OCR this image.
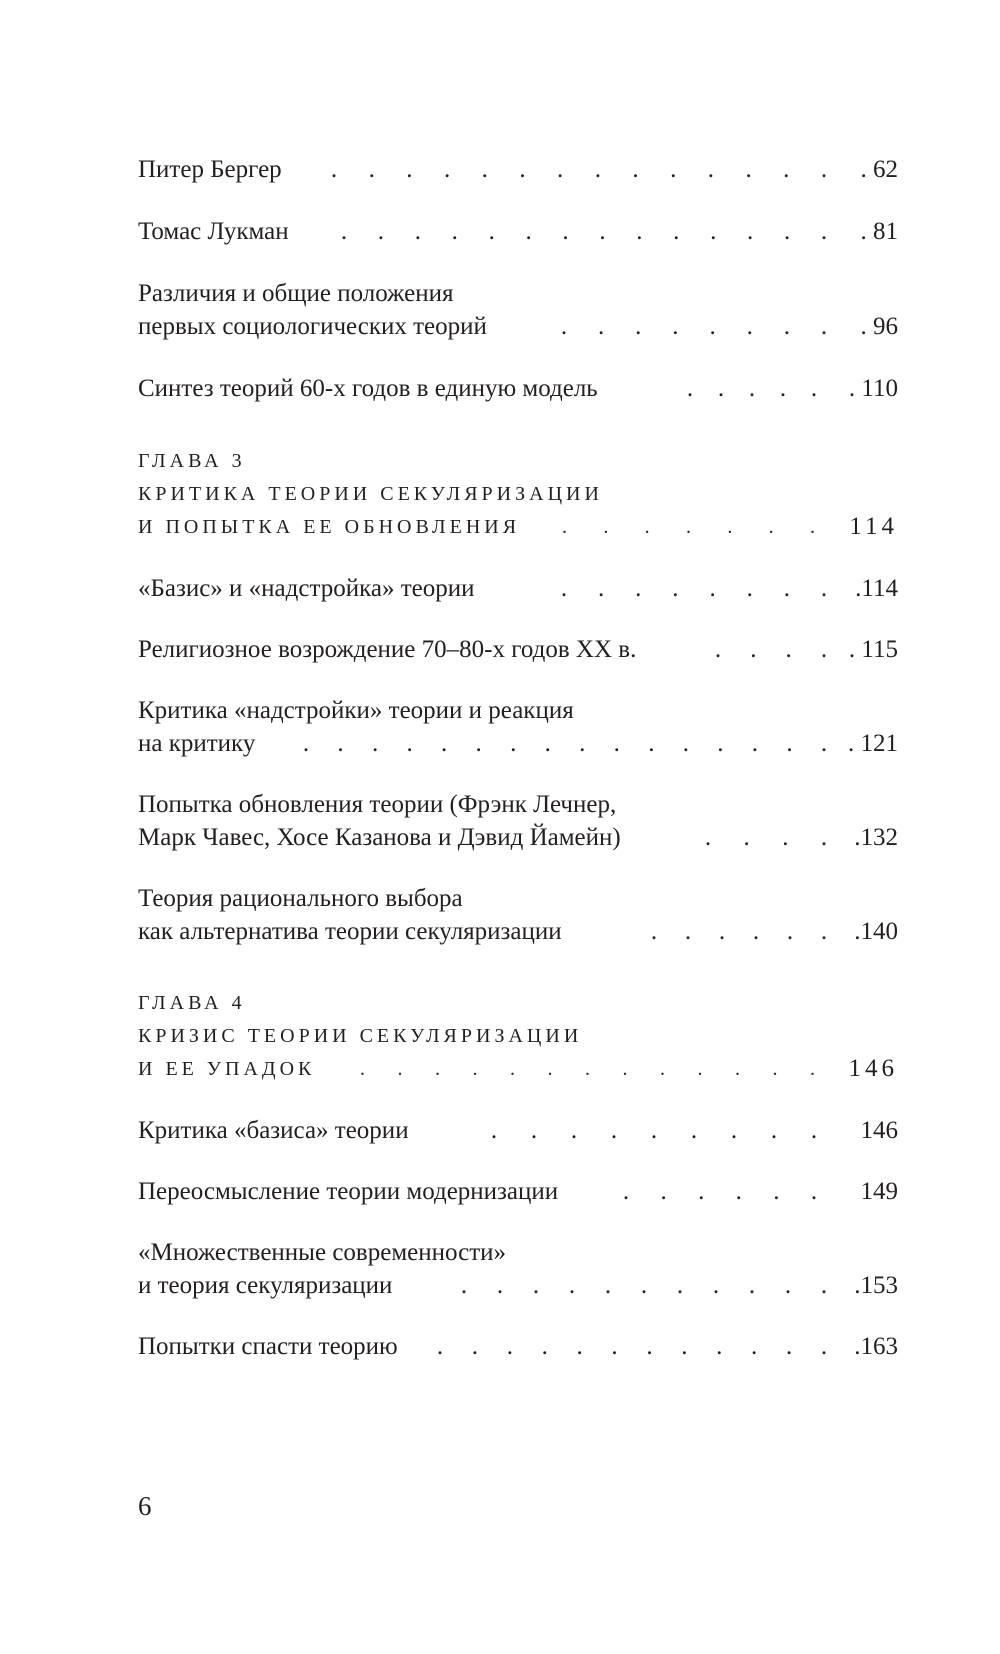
Питер Бергер . . . . . . . . . . . . . . . 62
Томас Лукман . . . . . . . . . . . . . . . 81
Различия и общие положения
первых социологических теорий	. . . . . . . . . 96
Синтез теорий 60-х годов в единую модель	. . . . . . 110
ГЛАВА 3
КРИТИКА ТЕОРИИ СЕКУЛЯРИЗАЦИИ
И ПОПЫТКА ЕЕ ОБНОВЛЕНИЯ . . . . . . . 114
«Базис» и «надстройка» теории	. . . . . . . . .114
Религиозное возрождение 70–80-х годов XX в.	. . . . . 115
Критика «надстройки» теории и реакция
на критику . . . . . . . . . . . . . . . . . 121
Попытка обновления теории (Фрэнк Лечнер,
Марк Чавес, Хосе Казанова и Дэвид Йамейн)	. . . . .132
Теория рационального выбора
как альтернатива теории секуляризации	. . . . . . .140
ГЛАВА 4
КРИЗИС ТЕОРИИ СЕКУЛЯРИЗАЦИИ
И ЕЕ УПАДОК . . . . . . . . . . . . . 146
Критика «базиса» теории	. . . . . . . . . 146
Переосмысление теории модернизации	. . . . . . 149
«Множественные современности»
и теория секуляризации	. . . . . . . . . . . .153
Попытки спасти теорию . . . . . . . . . . . . .163
6
